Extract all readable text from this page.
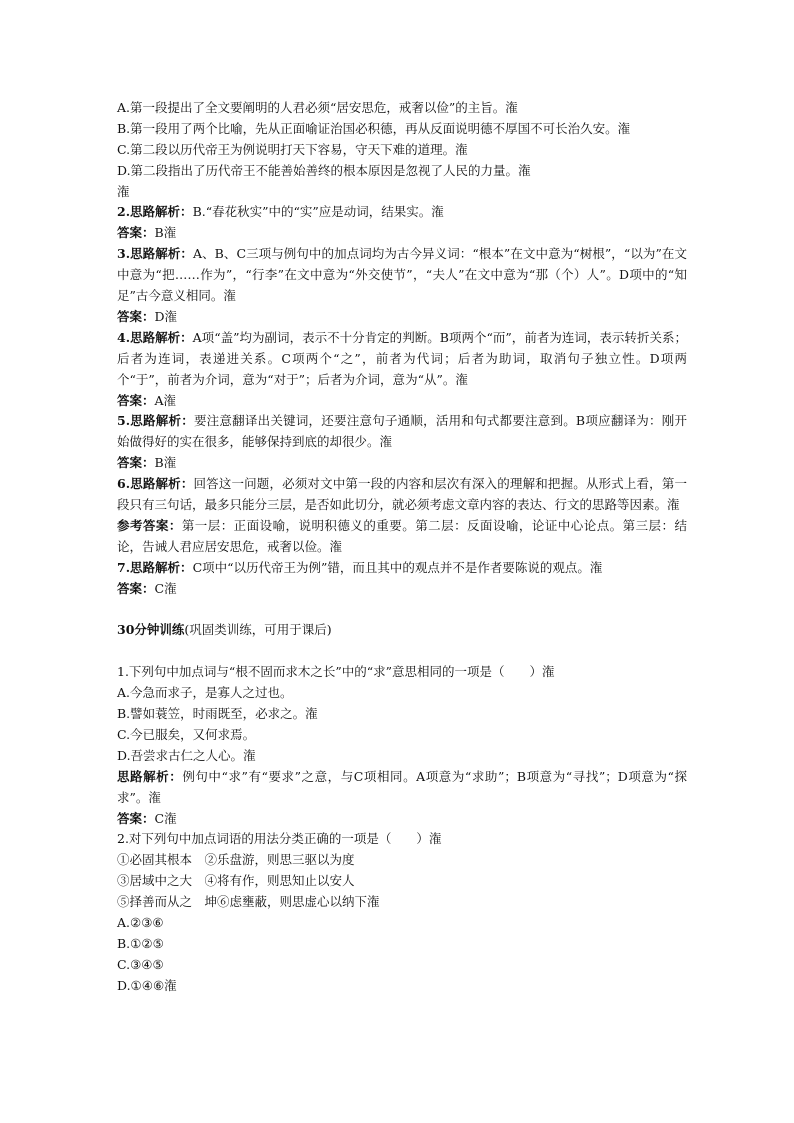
A.第一段提出了全文要阐明的人君必须“居安思危，戒奢以俭”的主旨。潅
B.第一段用了两个比喻，先从正面喻证治国必积德，再从反面说明德不厚国不可长治久安。潅
C.第二段以历代帝王为例说明打天下容易，守天下难的道理。潅
D.第二段指出了历代帝王不能善始善终的根本原因是忽视了人民的力量。潅
潅
2.思路解析：B.“春花秋实”中的“实”应是动词，结果实。潅
答案：B潅
3.思路解析：A、B、C三项与例句中的加点词均为古今异义词：“根本”在文中意为“树根”，“以为”在文中意为“把……作为”，“行李”在文中意为“外交使节”，“夫人”在文中意为“那（个）人”。D项中的“知足”古今意义相同。潅
答案：D潅
4.思路解析：A项“盖”均为副词，表示不十分肯定的判断。B项两个“而”，前者为连词，表示转折关系；后者为连词，表递进关系。C项两个“之”，前者为代词；后者为助词，取消句子独立性。D项两个“于”，前者为介词，意为“对于”；后者为介词，意为“从”。潅
答案：A潅
5.思路解析：要注意翻译出关键词，还要注意句子通顺，活用和句式都要注意到。B项应翻译为：刚开始做得好的实在很多，能够保持到底的却很少。潅
答案：B潅
6.思路解析：回答这一问题，必须对文中第一段的内容和层次有深入的理解和把握。从形式上看，第一段只有三句话，最多只能分三层，是否如此切分，就必须考虑文章内容的表达、行文的思路等因素。潅
参考答案：第一层：正面设喻，说明积德义的重要。第二层：反面设喻，论证中心论点。第三层：结论，告诫人君应居安思危，戒奢以俭。潅
7.思路解析：C项中“以历代帝王为例”错，而且其中的观点并不是作者要陈说的观点。潅
答案：C潅
30分钟训练(巩固类训练，可用于课后)
1.下列句中加点词与“根不固而求木之长”中的“求”意思相同的一项是（　　）潅
A.今急而求子，是寡人之过也。
B.譬如蓑笠，时雨既至，必求之。潅
C.今已服矣，又何求焉。
D.吾尝求古仁之人心。潅
思路解析：例句中“求”有“要求”之意，与C项相同。A项意为“求助”；B项意为“寻找”；D项意为“探求”。潅
答案：C潅
2.对下列句中加点词语的用法分类正确的一项是（　　）潅
①必固其根本　②乐盘游，则思三驱以为度
③居域中之大　④将有作，则思知止以安人
⑤择善而从之　坤⑥虑壅蔽，则思虚心以纳下潅
A.②③⑥
B.①②⑤
C.③④⑤
D.①④⑥潅
